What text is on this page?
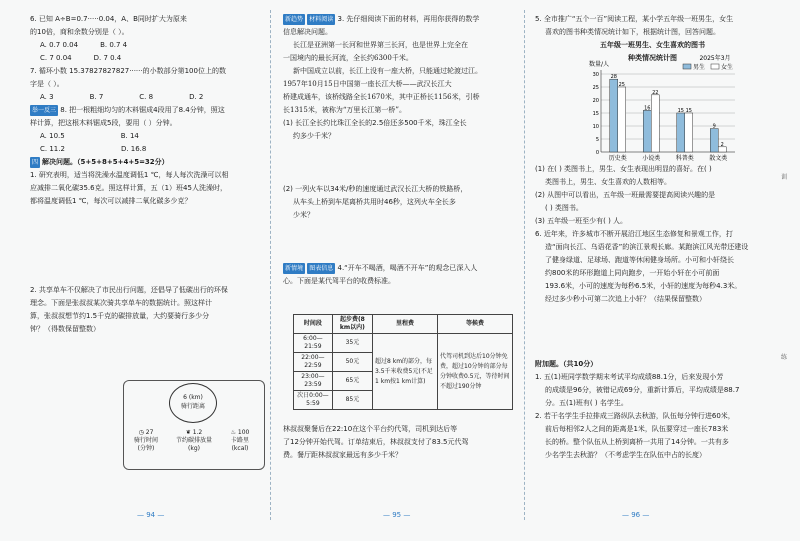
6. 已知 A÷B=0.7·····0.04，A、B同时扩大为原来
的10倍，商和余数分别是（ ）。
A. 0.7 0.04	B. 0.7 4
C. 7 0.04	D. 7 0.4
7. 循环小数 15.37827827827······的小数部分第100位上的数
字是（ ）。
A. 3	B. 7	C. 8	D. 2
举一反三 8. 把一根粗细均匀的木料锯成4段用了8.4分钟，照这
样计算，把这根木料锯成5段，要用（ ）分钟。
A. 10.5	B. 14
C. 11.2	D. 16.8
四 解决问题。（5+5+8+5+4+5=32分）
1. 研究表明，适当将洗澡水温度调低1 ℃，每人每次洗澡可以相
应减排二氧化碳35.6克。照这样计算，五（1）班45人洗澡时，
都将温度调低1 ℃，每次可以减排二氧化碳多少克？
2. 共享单车不仅解决了市民出行问题，还倡导了低碳出行的环保
理念。下面是张叔叔某次骑共享单车的数据统计。照这样计
算，张叔叔想节约1.5千克的碳排放量，大约要骑行多少分
钟？（得数保留整数）
6 (km)
骑行距离
◷ 27
骑行时间
(分钟)
❦ 1.2
节约碳排放量
(kg)
♨ 100
卡路里
(kcal)
新趋势 材料阅读 3. 先仔细阅读下面的材料，再用你获得的数学
信息解决问题。
长江是亚洲第一长河和世界第三长河，也是世界上完全在
一国境内的最长河流，全长约6300千米。
新中国成立以前，长江上没有一座大桥，只能通过轮渡过江。
1957年10月15日中国第一座长江大桥——武汉长江大
桥建成通车，该桥线路全长1670米，其中正桥长1156米，引桥
长1315米，被称为“万里长江第一桥”。
(1) 长江全长约比珠江全长的2.5倍还多500千米，珠江全长
约多少千米？
(2) 一列火车以34米/秒的速度通过武汉长江大桥的铁路桥，
从车头上桥到车尾离桥共用时46秒，这列火车全长多
少米？
新情境 图表信息 4.“开车不喝酒，喝酒不开车”的观念已深入人
心。下面是某代驾平台的收费标准。
时间段	起步费(8 km以内)	里程费	等候费
6:00—21:59	35元	超过8 km的部分，每3.5千米收费5元(不足1 km按1 km计算)	代驾司机到达后10分钟免费，超过10分钟的部分每分钟收费0.5元，等待时间不超过190分钟
22:00—22:59	50元		
23:00—23:59	65元		
次日0:00—5:59	85元		
林叔叔聚餐后在22:10在这个平台约代驾，司机到达后等
了12分钟开始代驾。订单结束后，林叔叔支付了83.5元代驾
费。餐厅距林叔叔家最远有多少千米？
5. 全市推广“五个一百”阅读工程，某小学五年级一班男生，女生
喜欢的图书种类情况统计如下，根据统计图，回答问题。
五年级一班男生、女生喜欢的图书
种类情况统计图	2025年3月
数量/人	男生	女生
0
5
10
15
20
25
30 28
25
历史类
16
22
小说类
15 15
科普类
9
2
散文类
(1) 在( ) 类图书上，男生、女生表现出明显的喜好。在( )
类图书上，男生、女生喜欢的人数相等。
(2) 从图中可以看出，五年级一班最需要提高阅读兴趣的是
( ) 类图书。
(3) 五年级一班至少有( ) 人。
6. 近年来，许多城市不断开展沿江地区生态修复和景观工作，打
造“面向长江、乌语花香”的滨江景观长廊。某跑滨江风光带还建设
了健身绿道、足球场、跑道等休闲健身场所。小可和小轩绕长
约800米的环形跑道上同向跑步，一开始小轩在小可前面
193.6米，小可的速度为每秒6.5米，小轩的速度为每秒4.3米。
经过多少秒小可第二次追上小轩？（结果保留整数）
附加题。（共10分）
1. 五(1)班同学数学期末考试平均成绩88.1分，后来发现小芳
的成绩是96分，被错记成69分，重新计算后，平均成绩是88.7
分。五(1)班有( ) 名学生。
2. 若干名学生手拉排成三路纵队去秋游，队伍每分钟行进60米，
前后每相邻2人之间的距离是1米，队伍要穿过一座长783米
长的桥。整个队伍从上桥到离桥一共用了14分钟。一共有多
少名学生去秋游？（不考虑学生在队伍中占的长度）
训
练
— 94 —	— 95 —	— 96 —
